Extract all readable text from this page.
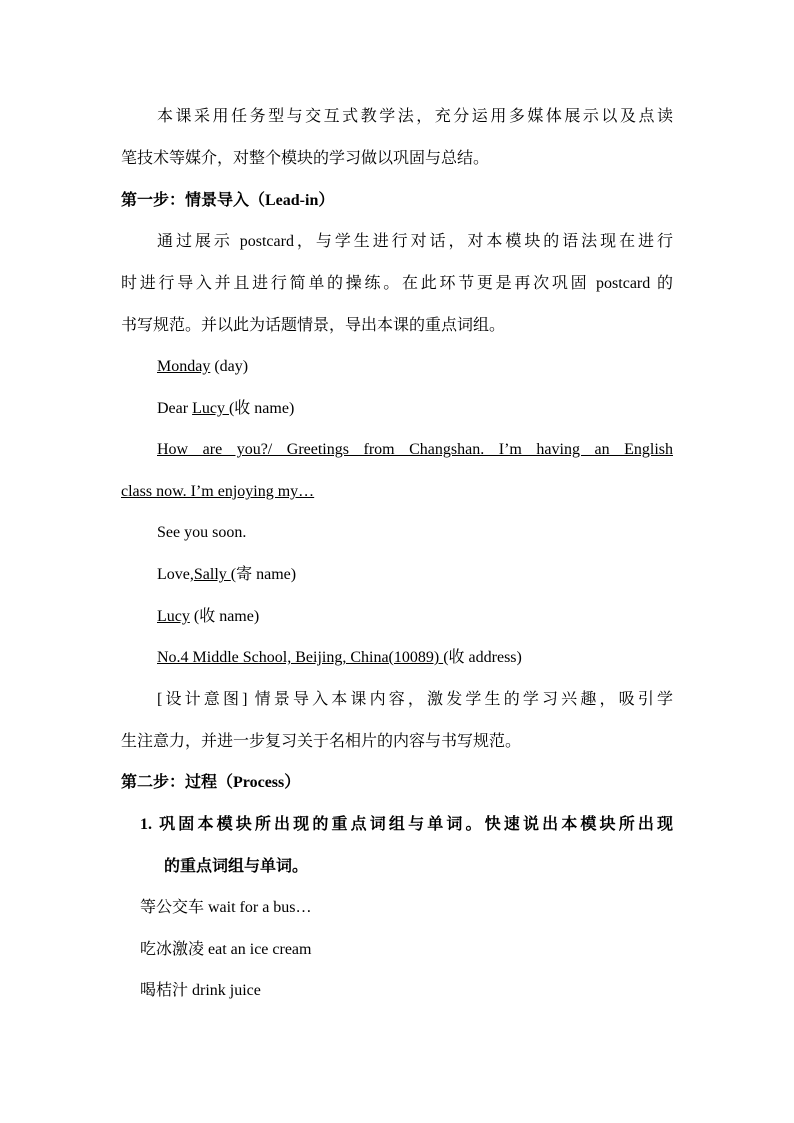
本课采用任务型与交互式教学法，充分运用多媒体展示以及点读
笔技术等媒介，对整个模块的学习做以巩固与总结。
第一步：情景导入（Lead-in）
通过展示 postcard，与学生进行对话，对本模块的语法现在进行
时进行导入并且进行简单的操练。在此环节更是再次巩固 postcard 的
书写规范。并以此为话题情景，导出本课的重点词组。
Monday (day)
Dear Lucy (收 name)
How are you?/ Greetings from Changshan. I’m having an English
class now. I’m enjoying my…
See you soon.
Love,Sally (寄 name)
Lucy (收 name)
No.4 Middle School, Beijing, China(10089) (收 address)
[设计意图] 情景导入本课内容，激发学生的学习兴趣，吸引学
生注意力，并进一步复习关于名相片的内容与书写规范。
第二步：过程（Process）
1. 巩固本模块所出现的重点词组与单词。快速说出本模块所出现
的重点词组与单词。
等公交车 wait for a bus…
吃冰激凌 eat an ice cream
喝桔汁 drink juice
